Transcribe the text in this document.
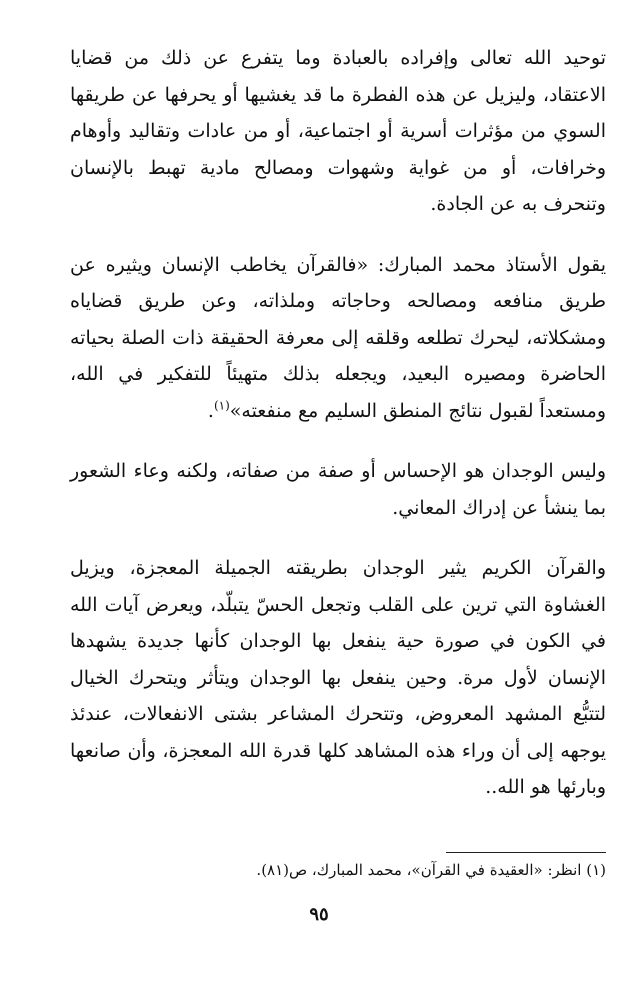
توحيد الله تعالى وإفراده بالعبادة وما يتفرع عن ذلك من قضايا الاعتقاد، وليزيل عن هذه الفطرة ما قد يغشيها أو يحرفها عن طريقها السوي من مؤثرات أسرية أو اجتماعية، أو من عادات وتقاليد وأوهام وخرافات، أو من غواية وشهوات ومصالح مادية تهبط بالإنسان وتنحرف به عن الجادة.

يقول الأستاذ محمد المبارك: «فالقرآن يخاطب الإنسان ويثيره عن طريق منافعه ومصالحه وحاجاته وملذاته، وعن طريق قضاياه ومشكلاته، ليحرك تطلعه وقلقه إلى معرفة الحقيقة ذات الصلة بحياته الحاضرة ومصيره البعيد، ويجعله بذلك متهيئاً للتفكير في الله، ومستعداً لقبول نتائج المنطق السليم مع منفعته»$^{(١)}$.

وليس الوجدان هو الإحساس أو صفة من صفاته، ولكنه وعاء الشعور بما ينشأ عن إدراك المعاني.

والقرآن الكريم يثير الوجدان بطريقته الجميلة المعجزة، ويزيل الغشاوة التي ترين على القلب وتجعل الحسّ يتبلّد، ويعرض آيات الله في الكون في صورة حية ينفعل بها الوجدان كأنها جديدة يشهدها الإنسان لأول مرة. وحين ينفعل بها الوجدان ويتأثر ويتحرك الخيال لتتبُّع المشهد المعروض، وتتحرك المشاعر بشتى الانفعالات، عندئذ يوجهه إلى أن وراء هذه المشاهد كلها قدرة الله المعجزة، وأن صانعها وبارئها هو الله..

(١) انظر: «العقيدة في القرآن»، محمد المبارك، ص(٨١).
٩٥
